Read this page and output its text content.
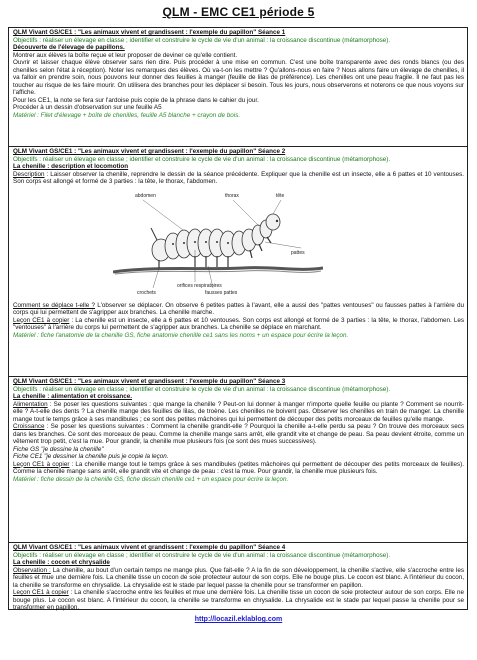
QLM - EMC CE1 période 5
QLM Vivant GS/CE1 : "Les animaux vivent et grandissent : l'exemple du papillon" Séance 1
Objectifs : réaliser un élevage en classe ; identifier et construire le cycle de vie d'un animal : la croissance discontinue (métamorphose).
Découverte de l'élevage de papillons.

Montrer aux élèves la boîte reçue et leur proposer de deviner ce qu'elle contient.

Ouvrir et laisser chaque élève observer sans rien dire. Puis procéder à une mise en commun. C'est une boîte transparente avec des ronds blancs (ou des chenilles selon l'état à réception). Noter les remarques des élèves. Où va-t-on les mettre ? Qu'allons-nous en faire ? Nous allons faire un élevage de chenilles, il va falloir en prendre soin, nous pouvons leur donner des feuilles à manger (feuille de lilas de préférence). Les chenilles ont une peau fragile. Il ne faut pas les toucher au risque de les faire mourir. On utilisera des branches pour les déplacer si besoin. Tous les jours, nous observerons et noterons ce que nous voyons sur l'affiche.

Pour les CE1, la note se fera sur l'ardoise puis copie de la phrase dans le cahier du jour.

Procéder à un dessin d'observation sur une feuille A5

Matériel : Filet d'élevage + boîte de chenilles, feuille A5 blanche + crayon de bois.
QLM Vivant GS/CE1 : "Les animaux vivent et grandissent : l'exemple du papillon" Séance 2
Objectifs : réaliser un élevage en classe ; identifier et construire le cycle de vie d'un animal : la croissance discontinue (métamorphose).
La chenille : description et locomotion

Description : Laisser observer la chenille, reprendre le dessin de la séance précédente. Expliquer que la chenille est un insecte, elle a 6 pattes et 10 ventouses. Son corps est allongé et formé de 3 parties : la tête, le thorax, l'abdomen.

abdomen	thorax	tête
pattes
fausses pattes
crochets
orifices respiratoires

Comment se déplace t-elle ? L'observer se déplacer. On observe 6 petites pattes à l'avant, elle a aussi des "pattes ventouses" ou fausses pattes à l'arrière du corps qui lui permettent de s'agripper aux branches. La chenille marche.

Leçon CE1 à copier : La chenille est un insecte, elle a 6 pattes et 10 ventouses. Son corps est allongé et formé de 3 parties : la tête, le thorax, l'abdomen. Les "ventouses" à l'arrière du corps lui permettent de s'agripper aux branches. La chenille se déplace en marchant.

Matériel : fiche l'anatomie de la chenille GS, fiche anatomie chenille ce1 sans les noms + un espace pour écrire la leçon.
QLM Vivant GS/CE1 : "Les animaux vivent et grandissent : l'exemple du papillon" Séance 3
Objectifs : réaliser un élevage en classe ; identifier et construire le cycle de vie d'un animal : la croissance discontinue (métamorphose).
La chenille : alimentation et croissance.

Alimentation : Se poser les questions suivantes : que mange la chenille ? Peut-on lui donner à manger n'importe quelle feuille ou plante ? Comment se nourrit-elle ? A-t-elle des dents ? La chenille mange des feuilles de lilas, de troène. Les chenilles ne boivent pas. Observer les chenilles en train de manger. La chenille mange tout le temps grâce à ses mandibules ; ce sont des petites mâchoires qui lui permettent de découper des petits morceaux de feuilles qu'elle mange.

Croissance : Se poser les questions suivantes : Comment la chenille grandit-elle ? Pourquoi la chenille a-t-elle perdu sa peau ? On trouve des morceaux secs dans les branches. Ce sont des morceaux de peau. Comme la chenille mange sans arrêt, elle grandit vite et change de peau. Sa peau devient étroite, comme un vêtement trop petit, c'est la mue. Pour grandir, la chenille mue plusieurs fois (ce sont des mues successives).

Fiche GS "je dessine la chenille"

Fiche CE1 "je dessiner la chenille puis je copie la leçon.

Leçon CE1 à copier : La chenille mange tout le temps grâce à ses mandibules (petites mâchoires qui permettent de découper des petits morceaux de feuilles). Comme la chenille mange sans arrêt, elle grandit vite et change de peau : c'est la mue. Pour grandir, la chenille mue plusieurs fois.

Matériel : fiche dessin de la chenille GS, fiche dessin chenille ce1 + un espace pour écrire la leçon.
QLM Vivant GS/CE1 : "Les animaux vivent et grandissent : l'exemple du papillon" Séance 4
Objectifs : réaliser un élevage en classe ; identifier et construire le cycle de vie d'un animal : la croissance discontinue (métamorphose).
La chenille : cocon et chrysalide

Observation : La chenille, au bout d'un certain temps ne mange plus. Que fait-elle ? A la fin de son développement, la chenille s'active, elle s'accroche entre les feuilles et mue une dernière fois. La chenille tisse un cocon de soie protecteur autour de son corps. Elle ne bouge plus. Le cocon est blanc. A l'intérieur du cocon, la chenille se transforme en chrysalide. La chrysalide est le stade par lequel passe la chenille pour se transformer en papillon.

Leçon CE1 à copier : La chenille s'accroche entre les feuilles et mue une dernière fois. La chenille tisse un cocon de soie protecteur autour de son corps. Elle ne bouge plus. Le cocon est blanc. A l'intérieur du cocon, la chenille se transforme en chrysalide. La chrysalide est le stade par lequel passe la chenille pour se transformer en papillon.

http://locazil.eklablog.com
